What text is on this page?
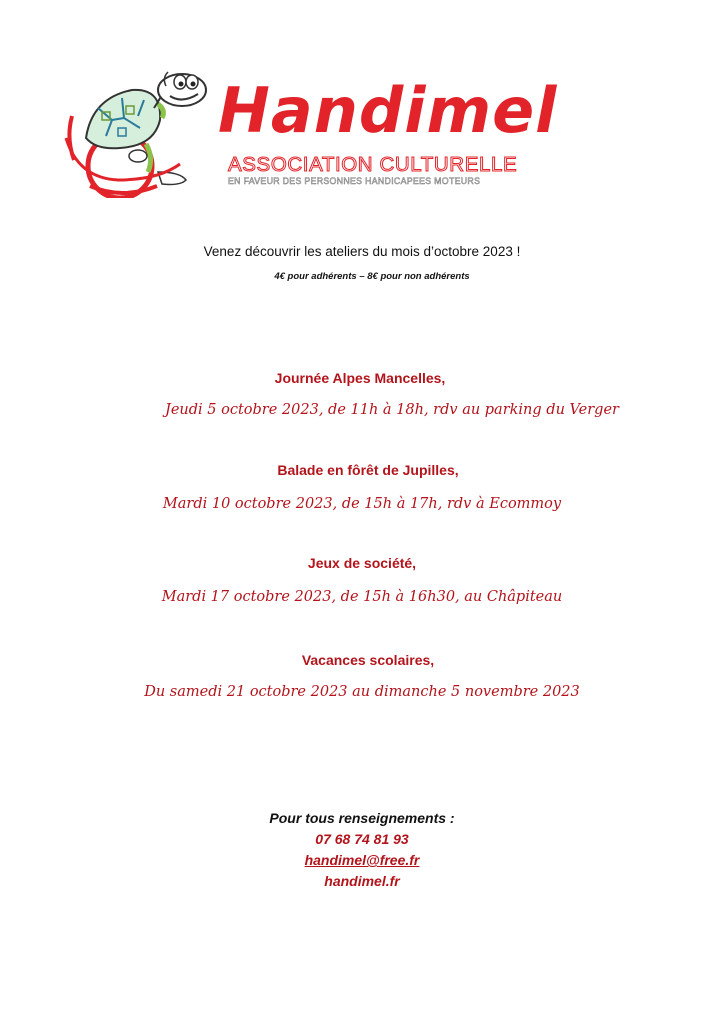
Handimel
ASSOCIATION CULTURELLE
EN FAVEUR DES PERSONNES HANDICAPEES MOTEURS
Venez découvrir les ateliers du mois d’octobre 2023 !
4€ pour adhérents – 8€ pour non adhérents
Journée Alpes Mancelles,
Jeudi 5 octobre 2023, de 11h à 18h, rdv au parking du Verger
Balade en fôrêt de Jupilles,
Mardi 10 octobre 2023, de 15h à 17h, rdv à Ecommoy
Jeux de société,
Mardi 17 octobre 2023, de 15h à 16h30, au Châpiteau
Vacances scolaires,
Du samedi 21 octobre 2023 au dimanche 5 novembre 2023
Pour tous renseignements :
07 68 74 81 93
handimel@free.fr
handimel.fr
